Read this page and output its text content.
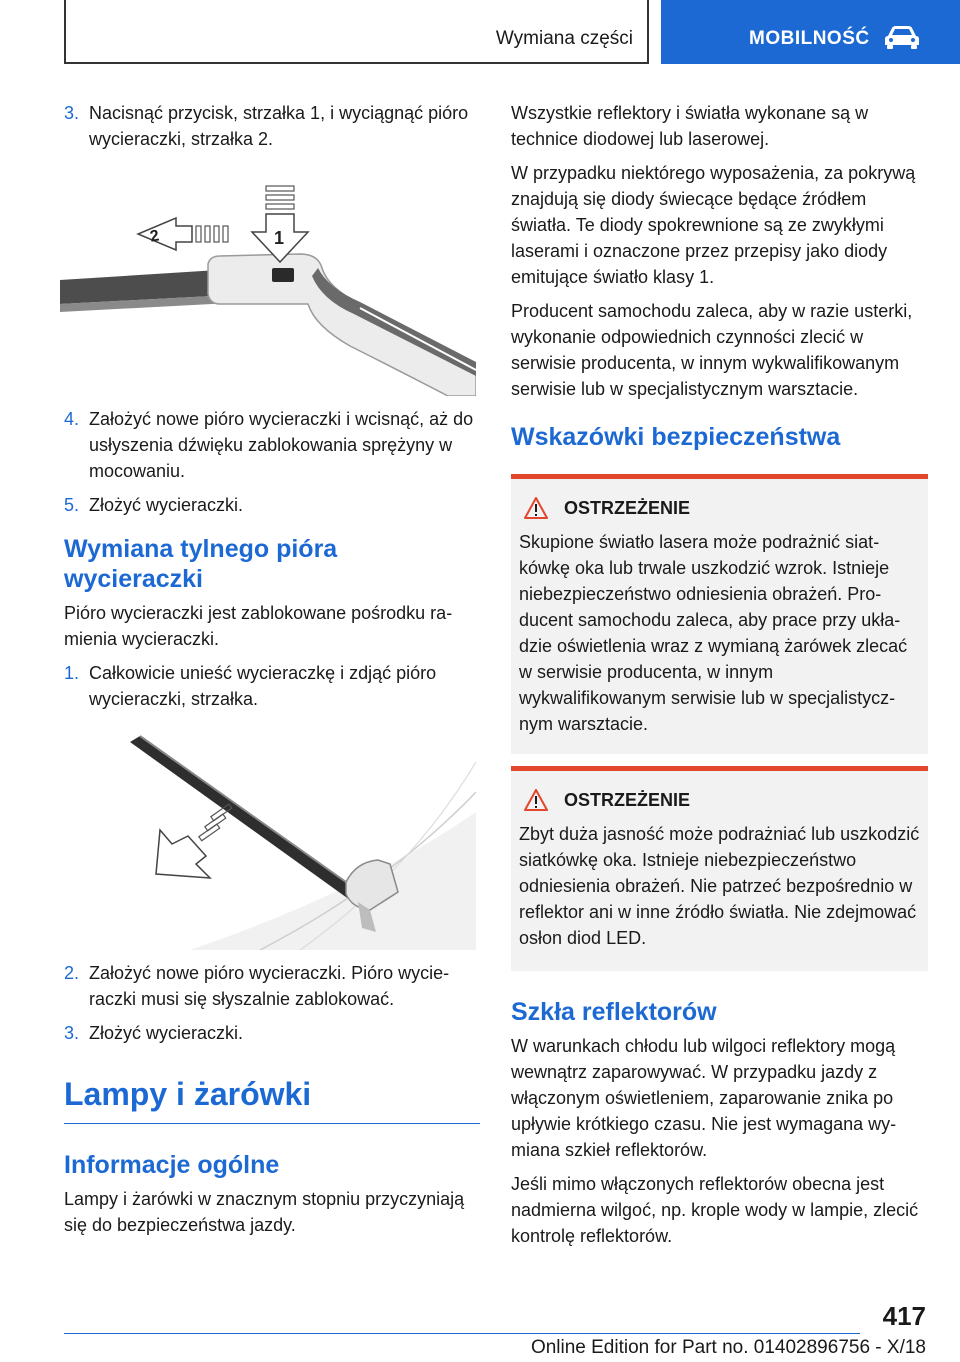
Wymiana części	MOBILNOŚĆ
3. Nacisnąć przycisk, strzałka 1, i wyciągnąć pióro wycieraczki, strzałka 2.
1
2
4. Założyć nowe pióro wycieraczki i wcisnąć, aż do usłyszenia dźwięku zablokowania sprężyny w mocowaniu.
5. Złożyć wycieraczki.
Wymiana tylnego pióra wycieraczki

Pióro wycieraczki jest zablokowane pośrodku ramienia wycieraczki.

1. Całkowicie unieść wycieraczkę i zdjąć pióro wycieraczki, strzałka.
2. Założyć nowe pióro wycieraczki. Pióro wycieraczki musi się słyszalnie zablokować.
3. Złożyć wycieraczki.
Lampy i żarówki
Informacje ogólne

Lampy i żarówki w znacznym stopniu przyczyniają się do bezpieczeństwa jazdy.

Wszystkie reflektory i światła wykonane są w technice diodowej lub laserowej.

W przypadku niektórego wyposażenia, za pokrywą znajdują się diody świecące będące źródłem światła. Te diody spokrewnione są ze zwykłymi laserami i oznaczone przez przepisy jako diody emitujące światło klasy 1.

Producent samochodu zaleca, aby w razie usterki, wykonanie odpowiednich czynności zlecić w serwisie producenta, w innym wykwalifikowanym serwisie lub w specjalistycznym warsztacie.

Wskazówki bezpieczeństwa
OSTRZEŻENIE
Skupione światło lasera może podrażnić siatkówkę oka lub trwale uszkodzić wzrok. Istnieje niebezpieczeństwo odniesienia obrażeń. Producent samochodu zaleca, aby prace przy układzie oświetlenia wraz z wymianą żarówek zlecać w serwisie producenta, w innym wykwalifikowanym serwisie lub w specjalistycznym warsztacie.
OSTRZEŻENIE
Zbyt duża jasność może podrażniać lub uszkodzić siatkówkę oka. Istnieje niebezpieczeństwo odniesienia obrażeń. Nie patrzeć bezpośrednio w reflektor ani w inne źródło światła. Nie zdejmować osłon diod LED.
Szkła reflektorów

W warunkach chłodu lub wilgoci reflektory mogą wewnątrz zaparowywać. W przypadku jazdy z włączonym oświetleniem, zaparowanie znika po upływie krótkiego czasu. Nie jest wymagana wymiana szkieł reflektorów.

Jeśli mimo włączonych reflektorów obecna jest nadmierna wilgoć, np. krople wody w lampie, zlecić kontrolę reflektorów.

417
Online Edition for Part no. 01402896756 - X/18
